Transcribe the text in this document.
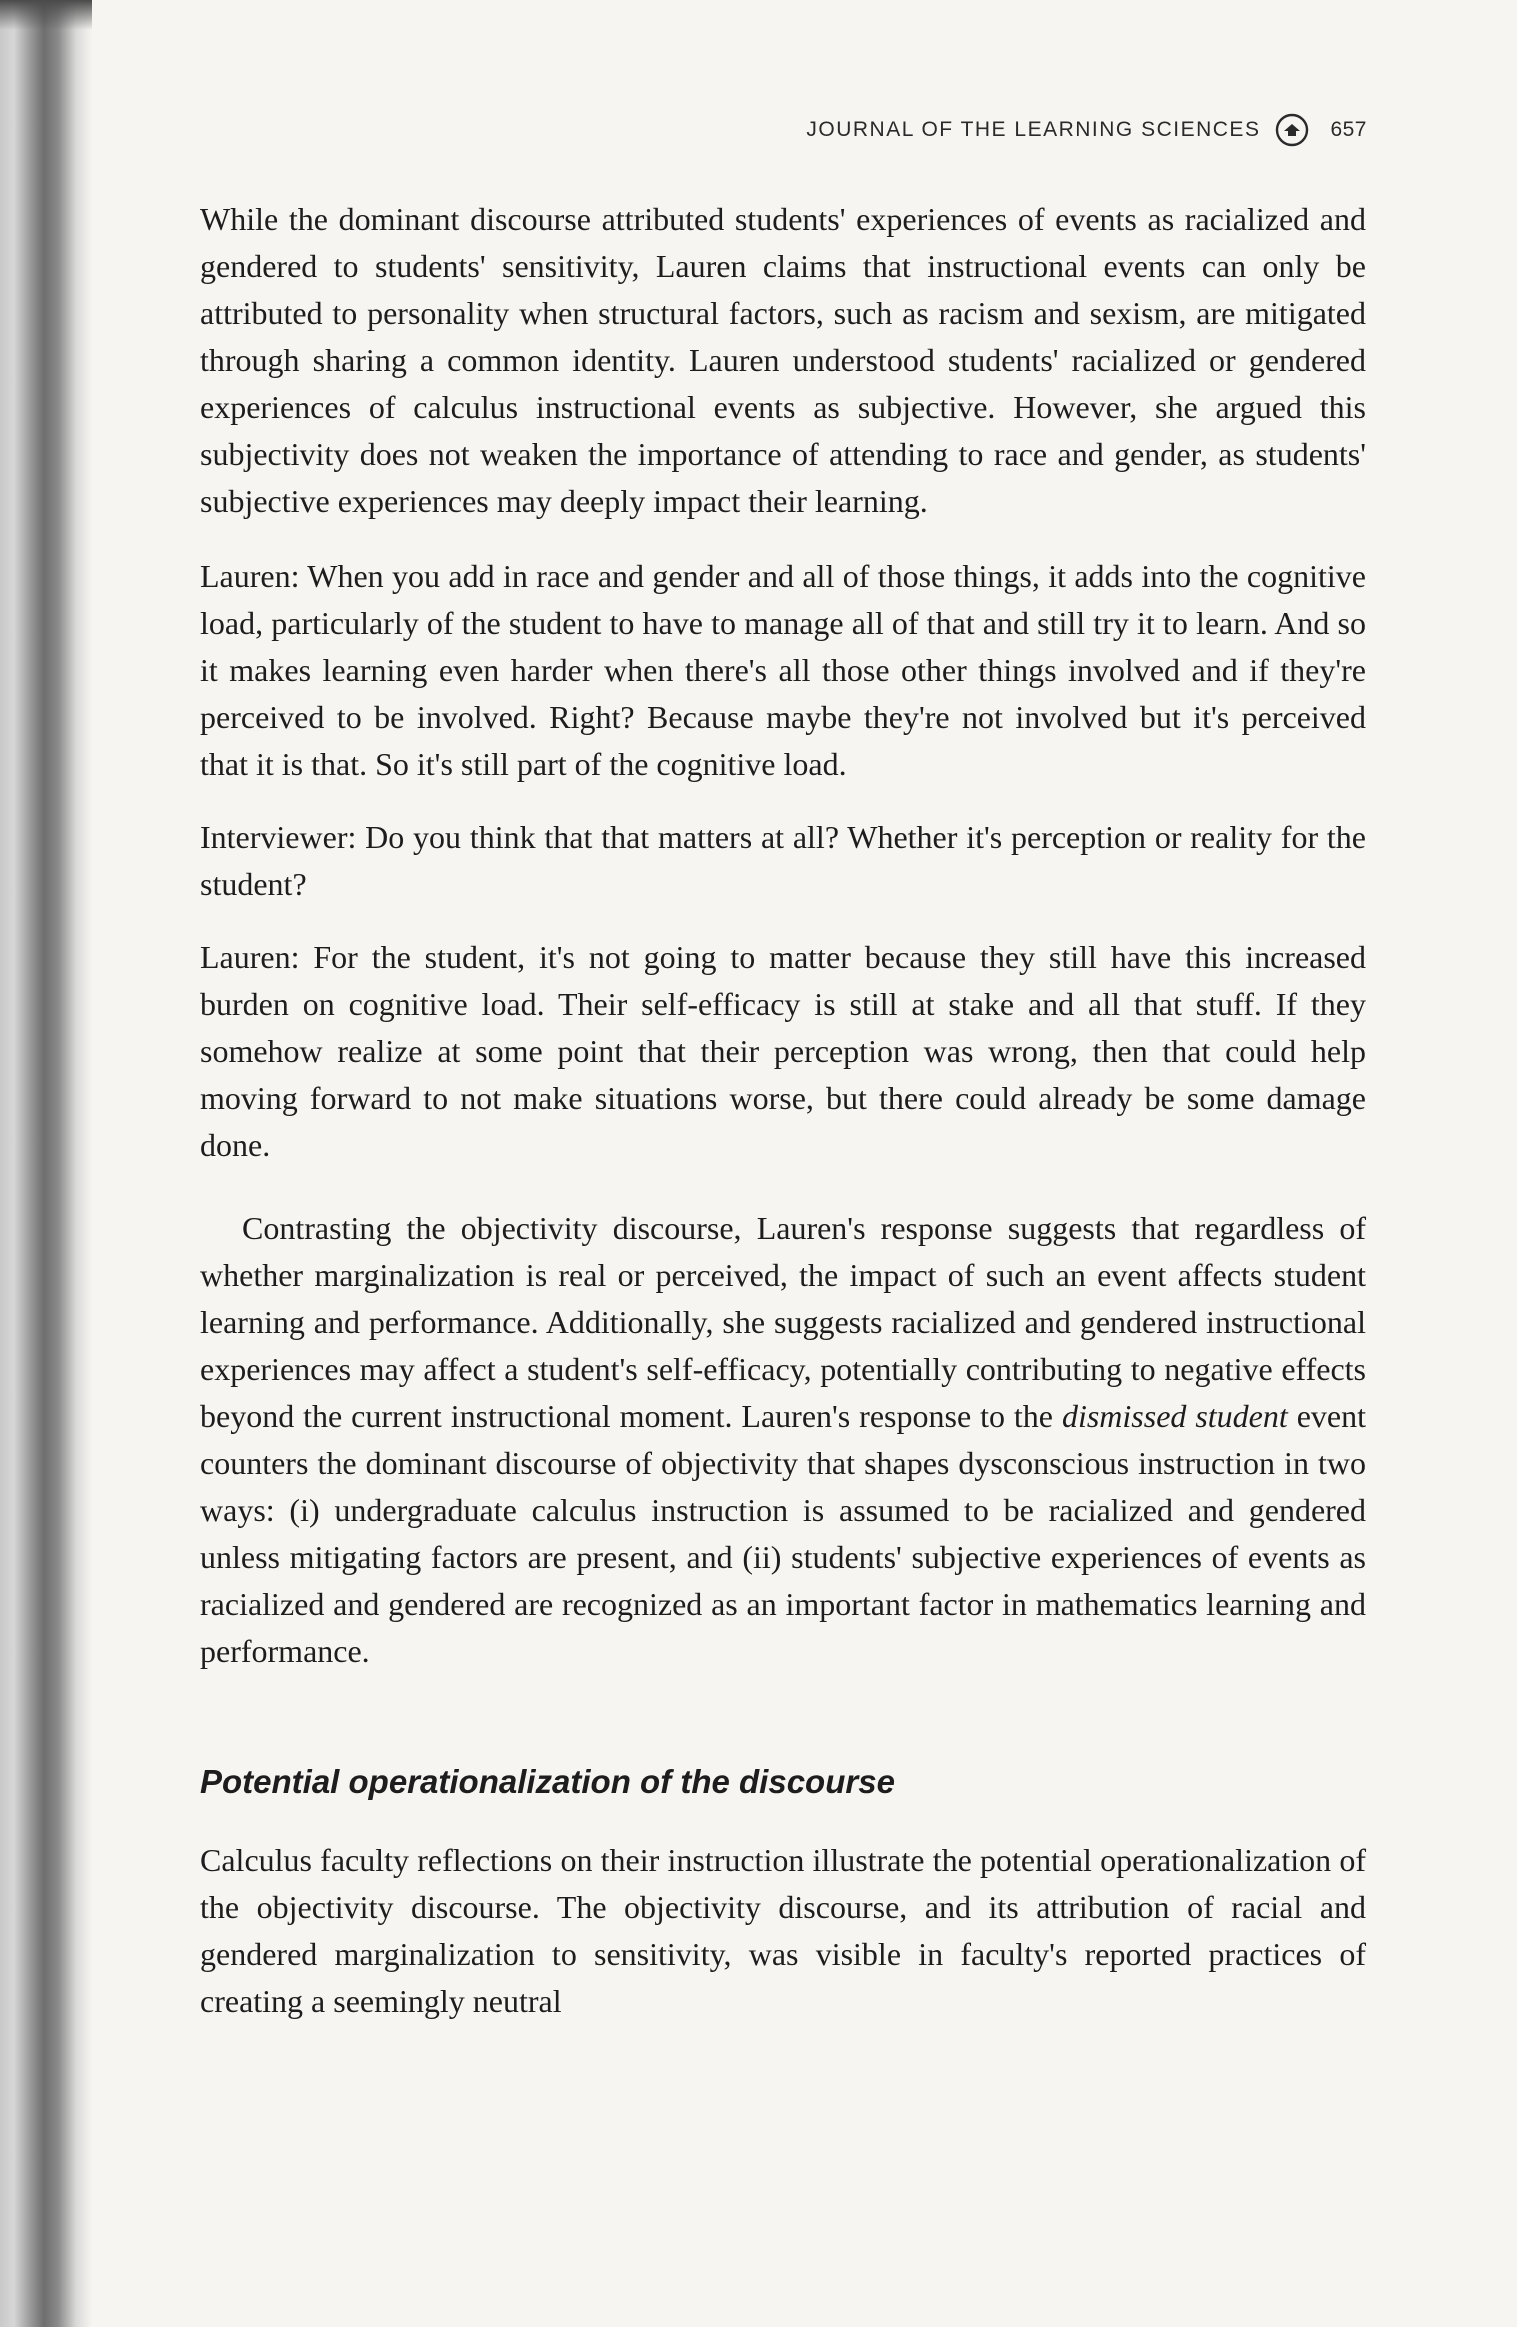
JOURNAL OF THE LEARNING SCIENCES	657

While the dominant discourse attributed students' experiences of events as racialized and gendered to students' sensitivity, Lauren claims that instructional events can only be attributed to personality when structural factors, such as racism and sexism, are mitigated through sharing a common identity. Lauren understood students' racialized or gendered experiences of calculus instructional events as subjective. However, she argued this subjectivity does not weaken the importance of attending to race and gender, as students' subjective experiences may deeply impact their learning.

Lauren: When you add in race and gender and all of those things, it adds into the cognitive load, particularly of the student to have to manage all of that and still try it to learn. And so it makes learning even harder when there's all those other things involved and if they're perceived to be involved. Right? Because maybe they're not involved but it's perceived that it is that. So it's still part of the cognitive load.

Interviewer: Do you think that that matters at all? Whether it's perception or reality for the student?

Lauren: For the student, it's not going to matter because they still have this increased burden on cognitive load. Their self-efficacy is still at stake and all that stuff. If they somehow realize at some point that their perception was wrong, then that could help moving forward to not make situations worse, but there could already be some damage done.

Contrasting the objectivity discourse, Lauren's response suggests that regardless of whether marginalization is real or perceived, the impact of such an event affects student learning and performance. Additionally, she suggests racialized and gendered instructional experiences may affect a student's self-efficacy, potentially contributing to negative effects beyond the current instructional moment. Lauren's response to the dismissed student event counters the dominant discourse of objectivity that shapes dysconscious instruction in two ways: (i) undergraduate calculus instruction is assumed to be racialized and gendered unless mitigating factors are present, and (ii) students' subjective experiences of events as racialized and gendered are recognized as an important factor in mathematics learning and performance.

Potential operationalization of the discourse

Calculus faculty reflections on their instruction illustrate the potential operationalization of the objectivity discourse. The objectivity discourse, and its attribution of racial and gendered marginalization to sensitivity, was visible in faculty's reported practices of creating a seemingly neutral
